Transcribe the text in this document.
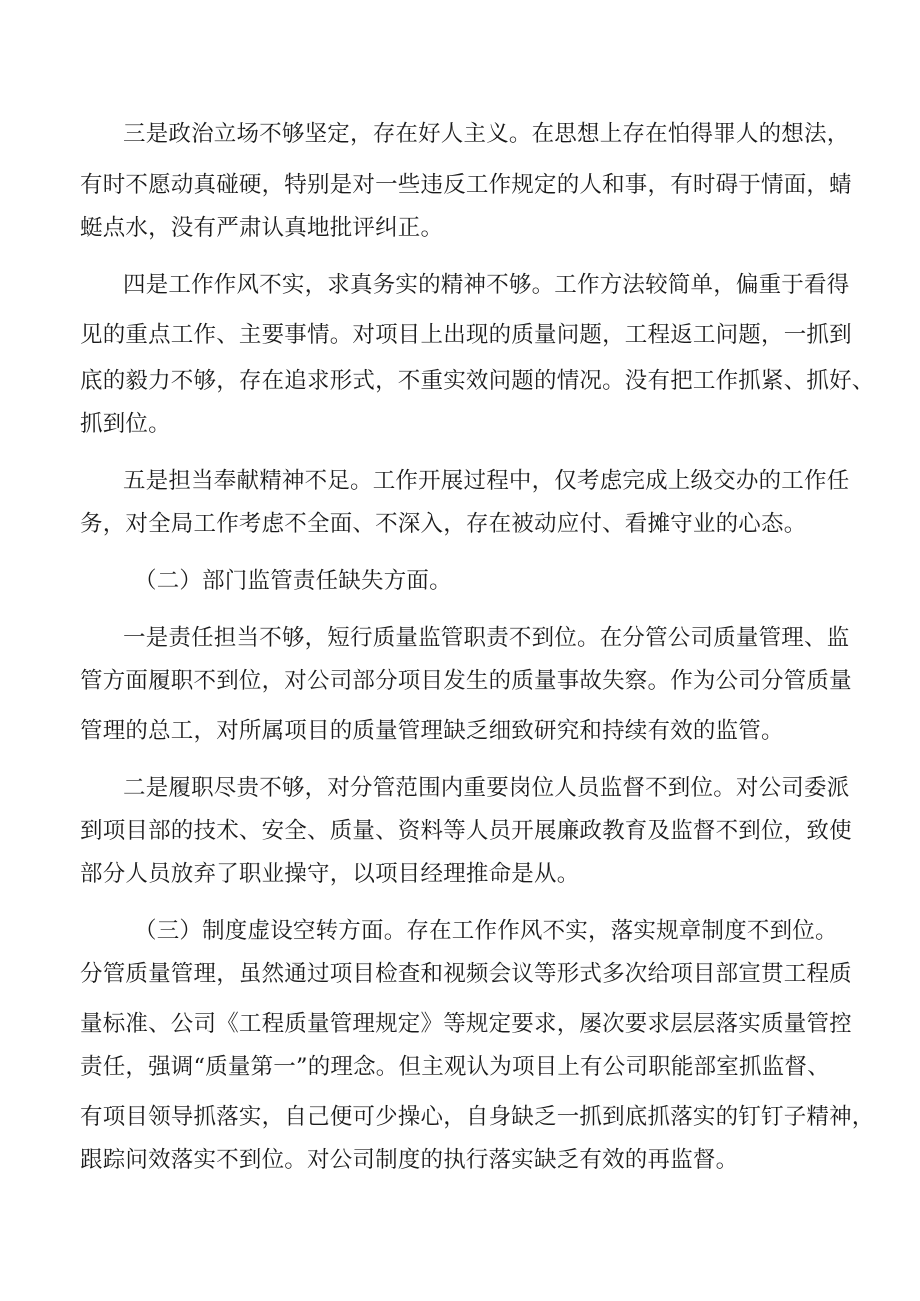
三是政治立场不够坚定，存在好人主义。在思想上存在怕得罪人的想法，
有时不愿动真碰硬，特别是对一些违反工作规定的人和事，有时碍于情面，蜻
蜓点水，没有严肃认真地批评纠正。
四是工作作风不实，求真务实的精神不够。工作方法较简单，偏重于看得
见的重点工作、主要事情。对项目上出现的质量问题，工程返工问题，一抓到
底的毅力不够，存在追求形式，不重实效问题的情况。没有把工作抓紧、抓好、
抓到位。
五是担当奉献精神不足。工作开展过程中，仅考虑完成上级交办的工作任
务，对全局工作考虑不全面、不深入，存在被动应付、看摊守业的心态。
（二）部门监管责任缺失方面。
一是责任担当不够，短行质量监管职责不到位。在分管公司质量管理、监
管方面履职不到位，对公司部分项目发生的质量事故失察。作为公司分管质量
管理的总工，对所属项目的质量管理缺乏细致研究和持续有效的监管。
二是履职尽贵不够，对分管范围内重要岗位人员监督不到位。对公司委派
到项目部的技术、安全、质量、资料等人员开展廉政教育及监督不到位，致使
部分人员放弃了职业操守，以项目经理推命是从。
（三）制度虚设空转方面。存在工作作风不实，落实规章制度不到位。
分管质量管理，虽然通过项目检查和视频会议等形式多次给项目部宣贯工程质
量标准、公司《工程质量管理规定》等规定要求，屡次要求层层落实质量管控
责任，强调“质量第一”的理念。但主观认为项目上有公司职能部室抓监督、
有项目领导抓落实，自己便可少操心，自身缺乏一抓到底抓落实的钉钉子精神，
跟踪问效落实不到位。对公司制度的执行落实缺乏有效的再监督。
